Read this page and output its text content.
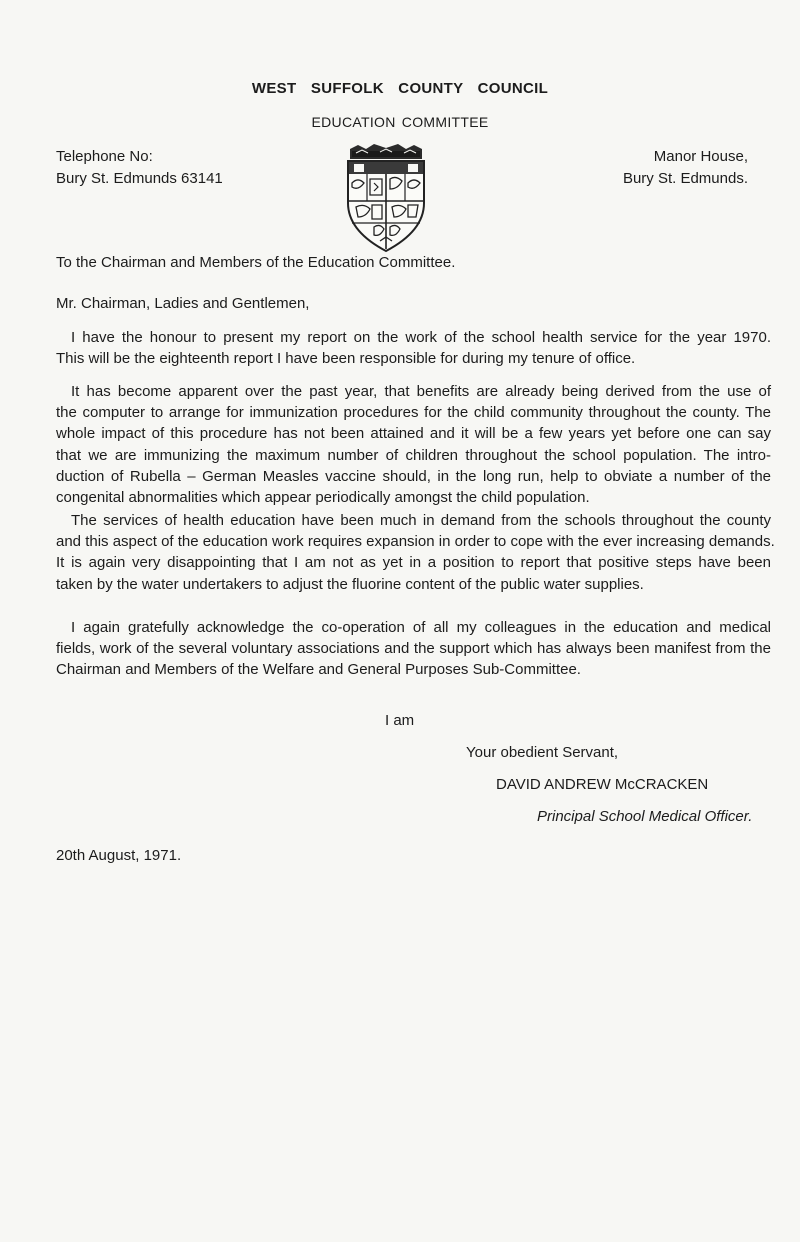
WEST SUFFOLK COUNTY COUNCIL
EDUCATION COMMITTEE
Telephone No:
Bury St. Edmunds 63141
Manor House,
Bury St. Edmunds.
To the Chairman and Members of the Education Committee.
Mr. Chairman, Ladies and Gentlemen,
I have the honour to present my report on the work of the school health service for the year 1970.
This will be the eighteenth report I have been responsible for during my tenure of office.
It has become apparent over the past year, that benefits are already being derived from the use of
the computer to arrange for immunization procedures for the child community throughout the county. The
whole impact of this procedure has not been attained and it will be a few years yet before one can say
that we are immunizing the maximum number of children throughout the school population. The intro-
duction of Rubella – German Measles vaccine should, in the long run, help to obviate a number of the
congenital abnormalities which appear periodically amongst the child population.
The services of health education have been much in demand from the schools throughout the county
and this aspect of the education work requires expansion in order to cope with the ever increasing demands.
It is again very disappointing that I am not as yet in a position to report that positive steps have been
taken by the water undertakers to adjust the fluorine content of the public water supplies.
I again gratefully acknowledge the co-operation of all my colleagues in the education and medical
fields, work of the several voluntary associations and the support which has always been manifest from the
Chairman and Members of the Welfare and General Purposes Sub-Committee.
I am
Your obedient Servant,
DAVID ANDREW McCRACKEN
Principal School Medical Officer.
20th August, 1971.
